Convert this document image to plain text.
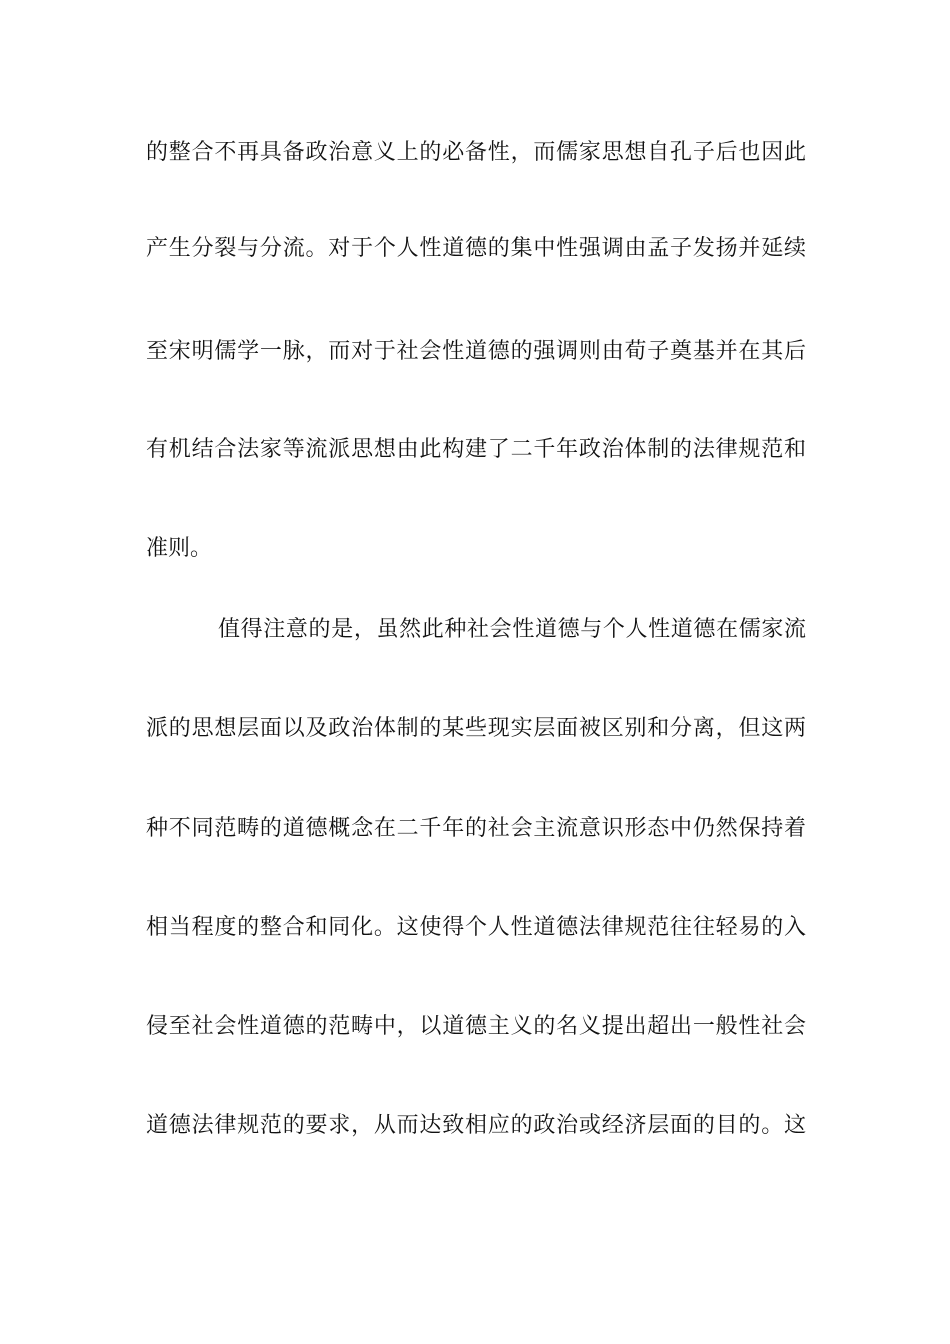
的整合不再具备政治意义上的必备性，而儒家思想自孔子后也因此
产生分裂与分流。对于个人性道德的集中性强调由孟子发扬并延续
至宋明儒学一脉，而对于社会性道德的强调则由荀子奠基并在其后
有机结合法家等流派思想由此构建了二千年政治体制的法律规范和
准则。
值得注意的是，虽然此种社会性道德与个人性道德在儒家流
派的思想层面以及政治体制的某些现实层面被区别和分离，但这两
种不同范畴的道德概念在二千年的社会主流意识形态中仍然保持着
相当程度的整合和同化。这使得个人性道德法律规范往往轻易的入
侵至社会性道德的范畴中，以道德主义的名义提出超出一般性社会
道德法律规范的要求，从而达致相应的政治或经济层面的目的。这
